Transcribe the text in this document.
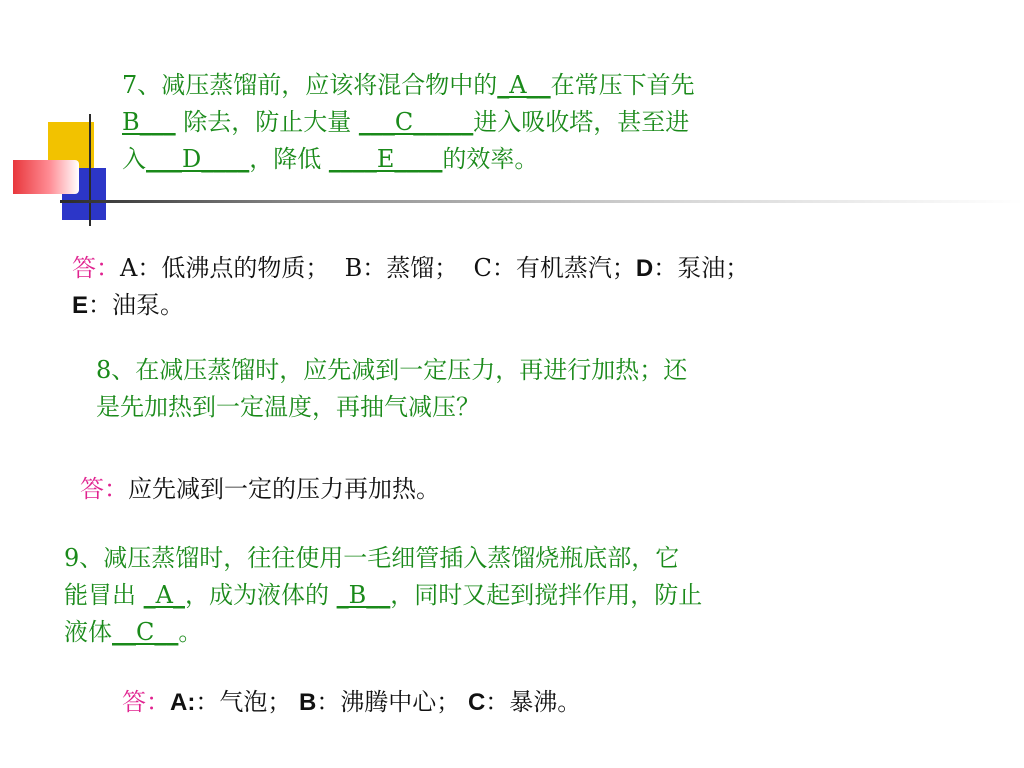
7、减压蒸馏前，应该将混合物中的_A__在常压下首先
B___ 除去，防止大量 ___C_____进入吸收塔，甚至进
入___D____，降低 ____E____的效率。
答：A：低沸点的物质；  B：蒸馏；  C：有机蒸汽；D：泵油；
E：油泵。
8、在减压蒸馏时，应先减到一定压力，再进行加热；还
是先加热到一定温度，再抽气减压？
答：应先减到一定的压力再加热。
9、减压蒸馏时，往往使用一毛细管插入蒸馏烧瓶底部，它
能冒出 _A_，成为液体的 _B__，同时又起到搅拌作用，防止
液体__C__。
答：A:：气泡； B：沸腾中心； C：暴沸。
